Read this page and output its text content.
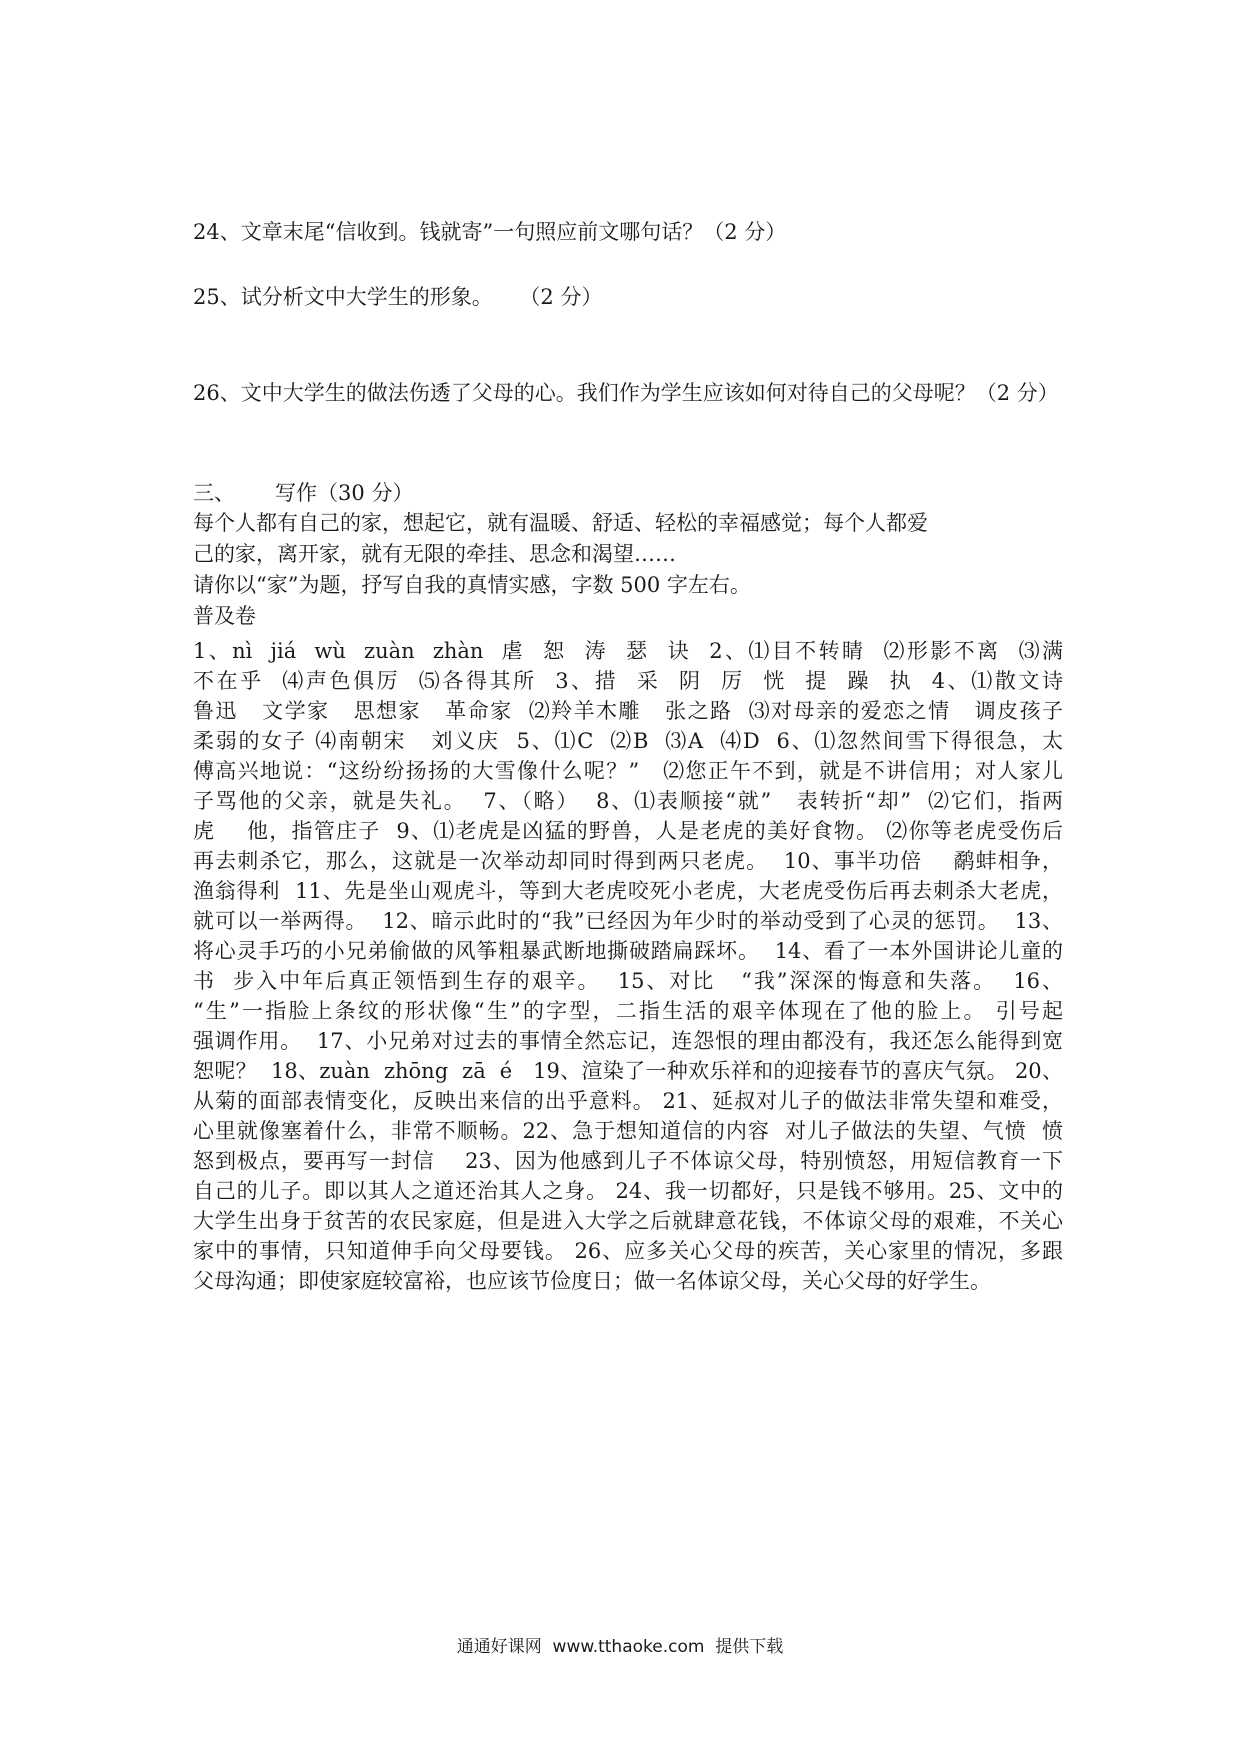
24、文章末尾“信收到。钱就寄”一句照应前文哪句话？（2 分）
25、试分析文中大学生的形象。    （2 分）
26、文中大学生的做法伤透了父母的心。我们作为学生应该如何对待自己的父母呢？（2 分）
三、      写作（30 分）
每个人都有自己的家，想起它，就有温暖、舒适、轻松的幸福感觉；每个人都爱
己的家，离开家，就有无限的牵挂、思念和渴望……
请你以“家”为题，抒写自我的真情实感，字数 500 字左右。
普及卷
1、nì  jiá  wù  zuàn  zhàn  虐  恕  涛  瑟  诀  2、⑴目不转睛  ⑵形影不离  ⑶满
不在乎  ⑷声色俱厉  ⑸各得其所  3、措  采  阴  厉  恍  提  躁  执  4、⑴散文诗
鲁迅   文学家   思想家   革命家  ⑵羚羊木雕   张之路  ⑶对母亲的爱恋之情   调皮孩子
柔弱的女子 ⑷南朝宋   刘义庆  5、⑴C  ⑵B  ⑶A  ⑷D  6、⑴忽然间雪下得很急，太
傅高兴地说：“这纷纷扬扬的大雪像什么呢？”   ⑵您正午不到，就是不讲信用；对人家儿
子骂他的父亲，就是失礼。  7、（略）  8、⑴表顺接“就”   表转折“却”  ⑵它们，指两
虎    他，指管庄子  9、⑴老虎是凶猛的野兽，人是老虎的美好食物。 ⑵你等老虎受伤后
再去刺杀它，那么，这就是一次举动却同时得到两只老虎。  10、事半功倍    鹬蚌相争，
渔翁得利  11、先是坐山观虎斗，等到大老虎咬死小老虎，大老虎受伤后再去刺杀大老虎，
就可以一举两得。  12、暗示此时的“我”已经因为年少时的举动受到了心灵的惩罚。  13、
将心灵手巧的小兄弟偷做的风筝粗暴武断地撕破踏扁踩坏。  14、看了一本外国讲论儿童的
书  步入中年后真正领悟到生存的艰辛。  15、对比   “我”深深的悔意和失落。  16、
“生”一指脸上条纹的形状像“生”的字型，二指生活的艰辛体现在了他的脸上。 引号起
强调作用。  17、小兄弟对过去的事情全然忘记，连怨恨的理由都没有，我还怎么能得到宽
恕呢？  18、zuàn  zhōng  zā  é   19、渲染了一种欢乐祥和的迎接春节的喜庆气氛。 20、
从菊的面部表情变化，反映出来信的出乎意料。 21、延叔对儿子的做法非常失望和难受，
心里就像塞着什么，非常不顺畅。22、急于想知道信的内容  对儿子做法的失望、气愤  愤
怒到极点，要再写一封信    23、因为他感到儿子不体谅父母，特别愤怒，用短信教育一下
自己的儿子。即以其人之道还治其人之身。 24、我一切都好，只是钱不够用。25、文中的
大学生出身于贫苦的农民家庭，但是进入大学之后就肆意花钱，不体谅父母的艰难，不关心
家中的事情，只知道伸手向父母要钱。 26、应多关心父母的疾苦，关心家里的情况，多跟
父母沟通；即使家庭较富裕，也应该节俭度日；做一名体谅父母，关心父母的好学生。
通通好课网  www.tthaoke.com  提供下载
